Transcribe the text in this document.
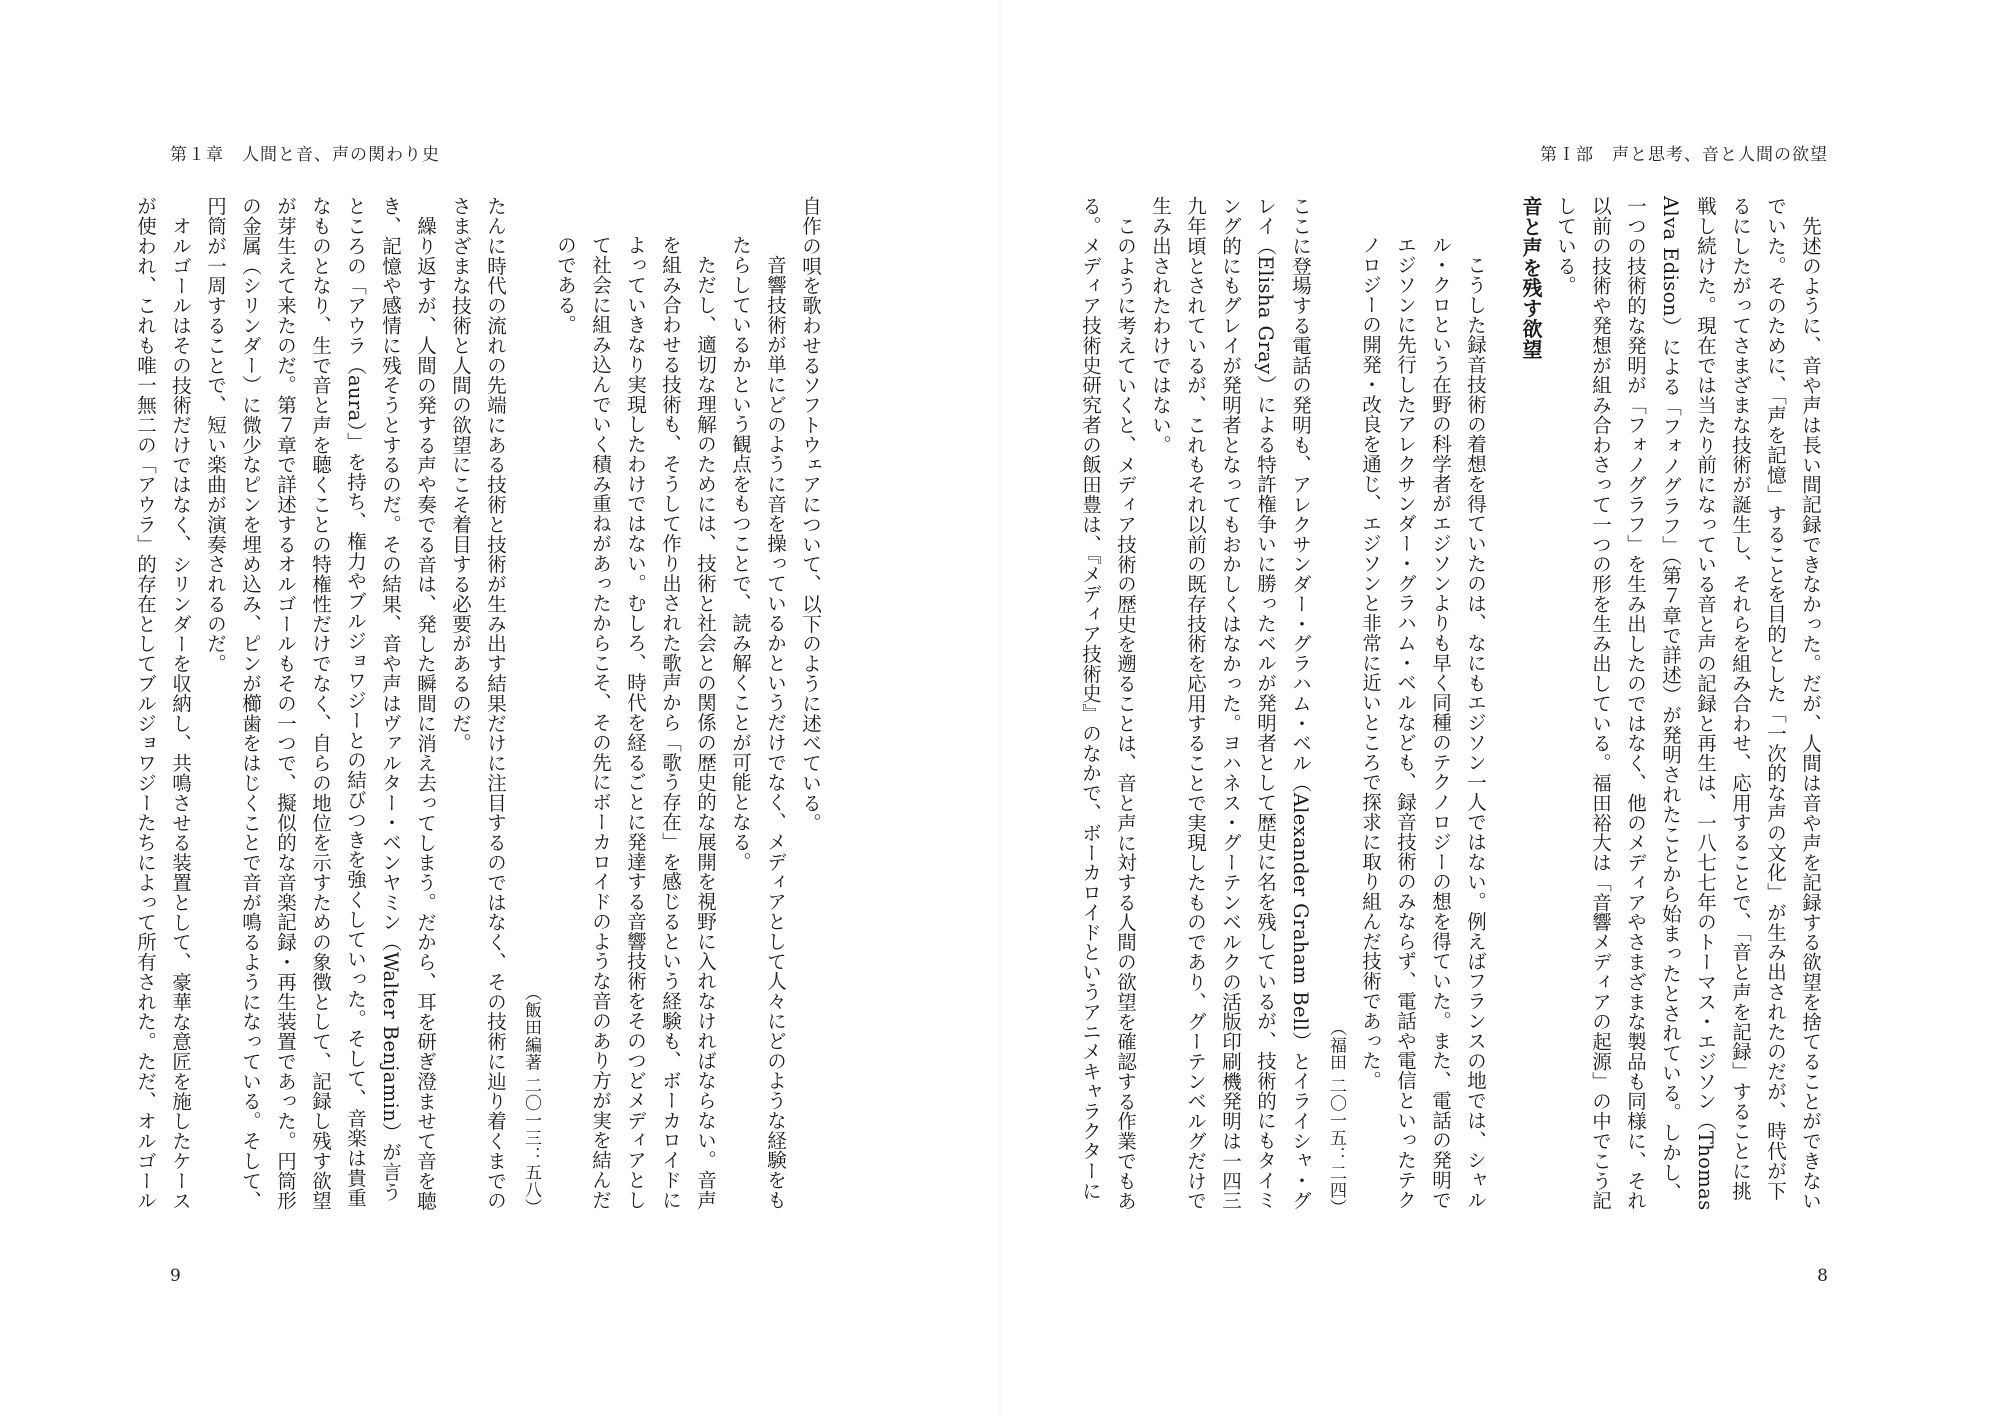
第１章　人間と音、声の関わり史

自作の唄を歌わせるソフトウェアについて、以下のように述べている。

音響技術が単にどのように音を操っているかというだけでなく、メディアとして人々にどのような経験をもたらしているかという観点をもつことで、読み解くことが可能となる。

ただし、適切な理解のためには、技術と社会との関係の歴史的な展開を視野に入れなければならない。音声を組み合わせる技術も、そうして作り出された歌声から「歌う存在」を感じるという経験も、ボーカロイドによっていきなり実現したわけではない。むしろ、時代を経るごとに発達する音響技術をそのつどメディアとして社会に組み込んでいく積み重ねがあったからこそ、その先にボーカロイドのような音のあり方が実を結んだのである。

（飯田編著 二〇一三：五八）

たんに時代の流れの先端にある技術と技術が生み出す結果だけに注目するのではなく、その技術に辿り着くまでのさまざまな技術と人間の欲望にこそ着目する必要があるのだ。

繰り返すが、人間の発する声や奏でる音は、発した瞬間に消え去ってしまう。だから、耳を研ぎ澄ませて音を聴き、記憶や感情に残そうとするのだ。その結果、音や声はヴァルター・ベンヤミン（Walter Benjamin）が言うところの「アウラ（aura）」を持ち、権力やブルジョワジーとの結びつきを強くしていった。そして、音楽は貴重なものとなり、生で音と声を聴くことの特権性だけでなく、自らの地位を示すための象徴として、記録し残す欲望が芽生えて来たのだ。第７章で詳述するオルゴールもその一つで、擬似的な音楽記録・再生装置であった。円筒形の金属（シリンダー）に微少なピンを埋め込み、ピンが櫛歯をはじくことで音が鳴るようになっている。そして、円筒が一周することで、短い楽曲が演奏されるのだ。

オルゴールはその技術だけではなく、シリンダーを収納し、共鳴させる装置として、豪華な意匠を施したケースが使われ、これも唯一無二の「アウラ」的存在としてブルジョワジーたちによって所有された。ただ、オルゴール

9
第Ｉ部　声と思考、音と人間の欲望

先述のように、音や声は長い間記録できなかった。だが、人間は音や声を記録する欲望を捨てることができないでいた。そのために、「声を記憶」することを目的とした「一次的な声の文化」が生み出されたのだが、時代が下るにしたがってさまざまな技術が誕生し、それらを組み合わせ、応用することで、「音と声を記録」することに挑戦し続けた。現在では当たり前になっている音と声の記録と再生は、一八七七年のトーマス・エジソン（Thomas Alva Edison）による「フォノグラフ」（第７章で詳述）が発明されたことから始まったとされている。しかし、一つの技術的な発明が「フォノグラフ」を生み出したのではなく、他のメディアやさまざまな製品も同様に、それ以前の技術や発想が組み合わさって一つの形を生み出している。福田裕大は「音響メディアの起源」の中でこう記している。

音と声を残す欲望

こうした録音技術の着想を得ていたのは、なにもエジソン一人ではない。例えばフランスの地では、シャルル・クロという在野の科学者がエジソンよりも早く同種のテクノロジーの想を得ていた。また、電話の発明でエジソンに先行したアレクサンダー・グラハム・ベルなども、録音技術のみならず、電話や電信といったテクノロジーの開発・改良を通じ、エジソンと非常に近いところで探求に取り組んだ技術であった。

（福田 二〇一五：二四）

ここに登場する電話の発明も、アレクサンダー・グラハム・ベル（Alexander Graham Bell）とイライシャ・グレイ（Elisha Gray）による特許権争いに勝ったベルが発明者として歴史に名を残しているが、技術的にもタイミング的にもグレイが発明者となってもおかしくはなかった。ヨハネス・グーテンベルクの活版印刷機発明は一四三九年頃とされているが、これもそれ以前の既存技術を応用することで実現したものであり、グーテンベルグだけで生み出されたわけではない。

このように考えていくと、メディア技術の歴史を遡ることは、音と声に対する人間の欲望を確認する作業でもある。メディア技術史研究者の飯田豊は、『メディア技術史』のなかで、ボーカロイドというアニメキャラクターに

8
